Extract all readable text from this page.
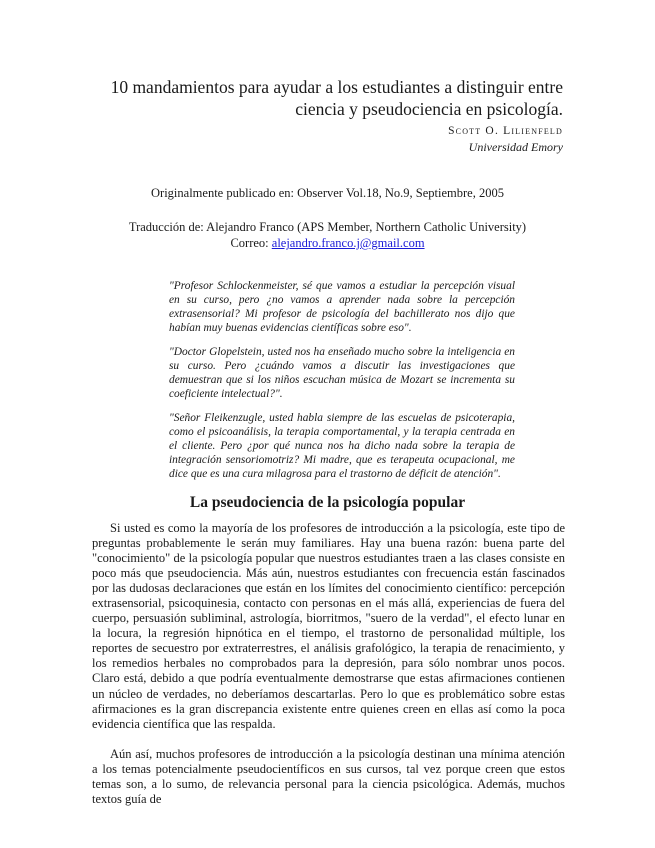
10 mandamientos para ayudar a los estudiantes a distinguir entre ciencia y pseudociencia en psicología.
Scott O. Lilienfeld
Universidad Emory
Originalmente publicado en: Observer Vol.18, No.9, Septiembre, 2005
Traducción de: Alejandro Franco (APS Member, Northern Catholic University)
Correo: alejandro.franco.j@gmail.com

"Profesor Schlockenmeister, sé que vamos a estudiar la percepción visual en su curso, pero ¿no vamos a aprender nada sobre la percepción extrasensorial? Mi profesor de psicología del bachillerato nos dijo que habían muy buenas evidencias científicas sobre eso".

"Doctor Glopelstein, usted nos ha enseñado mucho sobre la inteligencia en su curso. Pero ¿cuándo vamos a discutir las investigaciones que demuestran que si los niños escuchan música de Mozart se incrementa su coeficiente intelectual?".

"Señor Fleikenzugle, usted habla siempre de las escuelas de psicoterapia, como el psicoanálisis, la terapia comportamental, y la terapia centrada en el cliente. Pero ¿por qué nunca nos ha dicho nada sobre la terapia de integración sensoriomotriz? Mi madre, que es terapeuta ocupacional, me dice que es una cura milagrosa para el trastorno de déficit de atención".

La pseudociencia de la psicología popular

Si usted es como la mayoría de los profesores de introducción a la psicología, este tipo de preguntas probablemente le serán muy familiares. Hay una buena razón: buena parte del "conocimiento" de la psicología popular que nuestros estudiantes traen a las clases consiste en poco más que pseudociencia. Más aún, nuestros estudiantes con frecuencia están fascinados por las dudosas declaraciones que están en los límites del conocimiento científico: percepción extrasensorial, psicoquinesia, contacto con personas en el más allá, experiencias de fuera del cuerpo, persuasión subliminal, astrología, biorritmos, "suero de la verdad", el efecto lunar en la locura, la regresión hipnótica en el tiempo, el trastorno de personalidad múltiple, los reportes de secuestro por extraterrestres, el análisis grafológico, la terapia de renacimiento, y los remedios herbales no comprobados para la depresión, para sólo nombrar unos pocos. Claro está, debido a que podría eventualmente demostrarse que estas afirmaciones contienen un núcleo de verdades, no deberíamos descartarlas. Pero lo que es problemático sobre estas afirmaciones es la gran discrepancia existente entre quienes creen en ellas así como la poca evidencia científica que las respalda.

Aún así, muchos profesores de introducción a la psicología destinan una mínima atención a los temas potencialmente pseudocientíficos en sus cursos, tal vez porque creen que estos temas son, a lo sumo, de relevancia personal para la ciencia psicológica. Además, muchos textos guía de
